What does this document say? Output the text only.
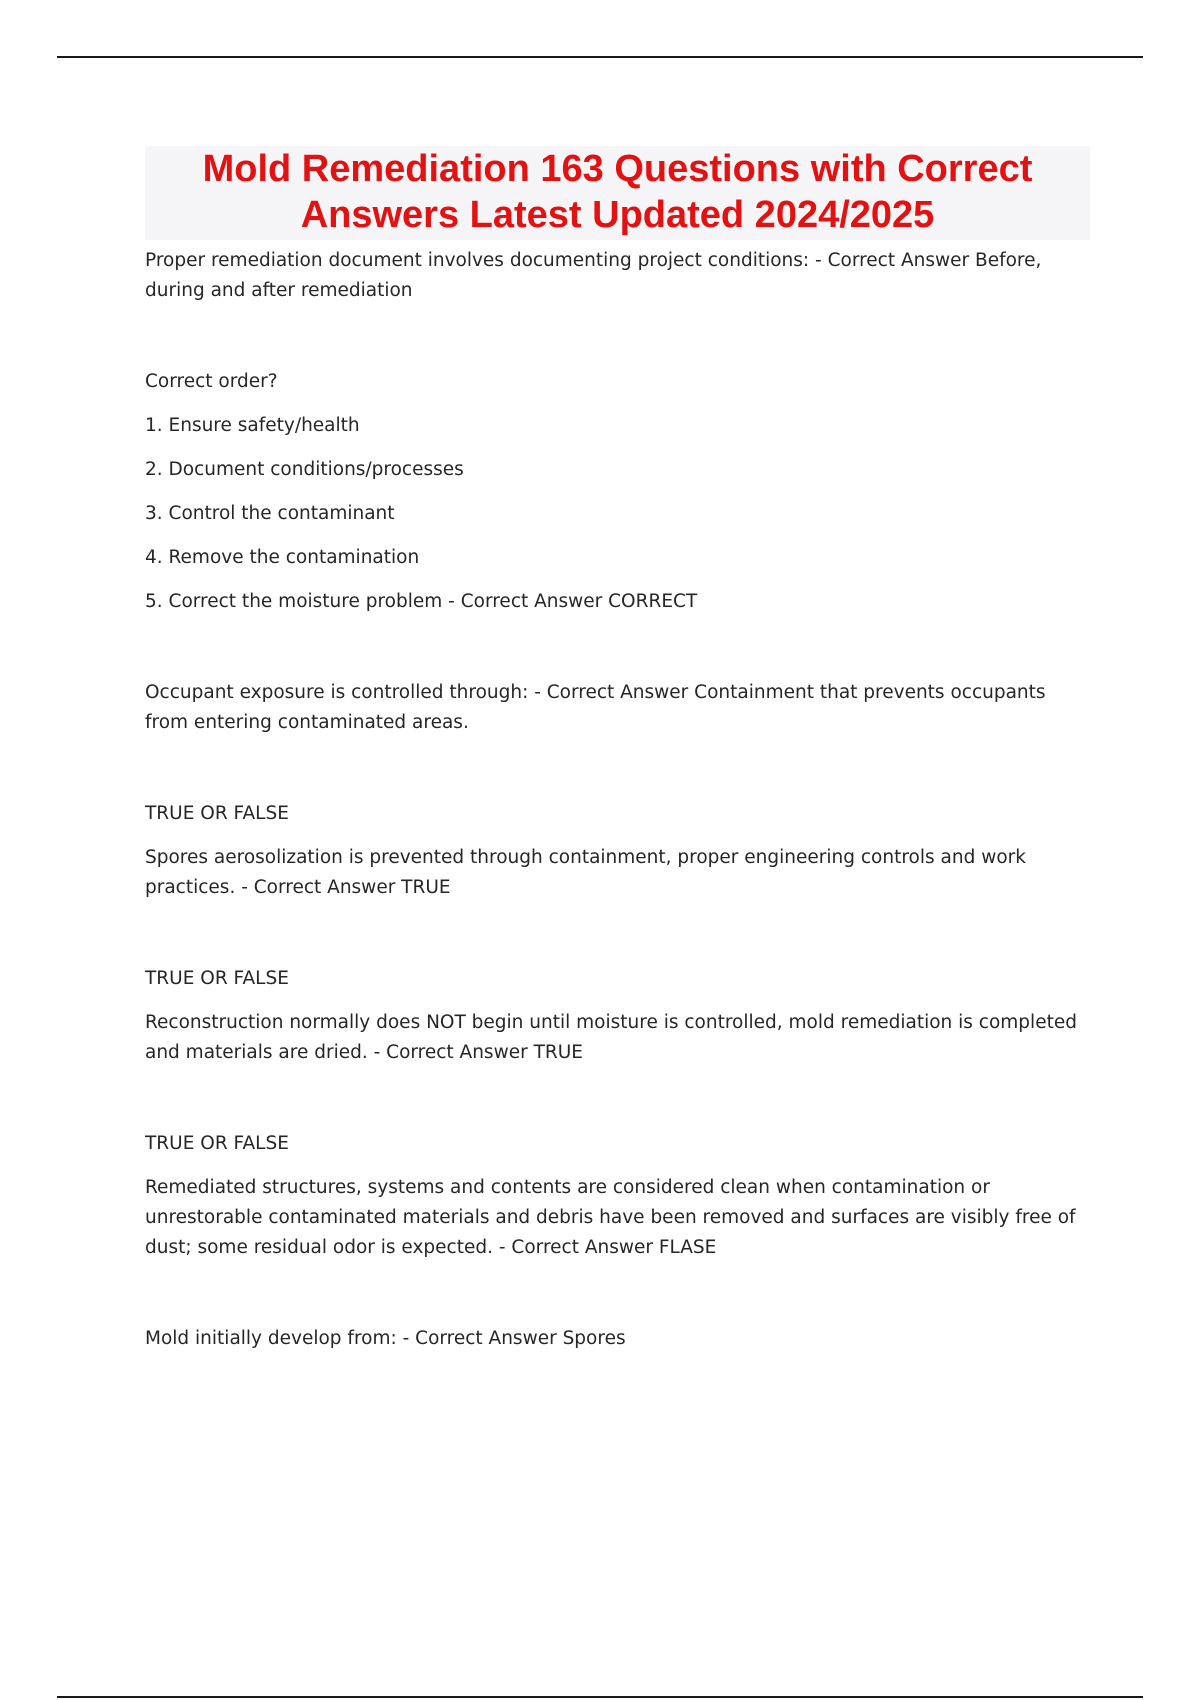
Mold Remediation 163 Questions with Correct

Answers Latest Updated 2024/2025

Proper remediation document involves documenting project conditions: - Correct Answer Before, during and after remediation

Correct order?

1. Ensure safety/health

2. Document conditions/processes

3. Control the contaminant

4. Remove the contamination

5. Correct the moisture problem - Correct Answer CORRECT

Occupant exposure is controlled through: - Correct Answer Containment that prevents occupants from entering contaminated areas.

TRUE OR FALSE

Spores aerosolization is prevented through containment, proper engineering controls and work practices. - Correct Answer TRUE

TRUE OR FALSE

Reconstruction normally does NOT begin until moisture is controlled, mold remediation is completed and materials are dried. - Correct Answer TRUE

TRUE OR FALSE

Remediated structures, systems and contents are considered clean when contamination or unrestorable contaminated materials and debris have been removed and surfaces are visibly free of dust; some residual odor is expected. - Correct Answer FLASE

Mold initially develop from: - Correct Answer Spores
